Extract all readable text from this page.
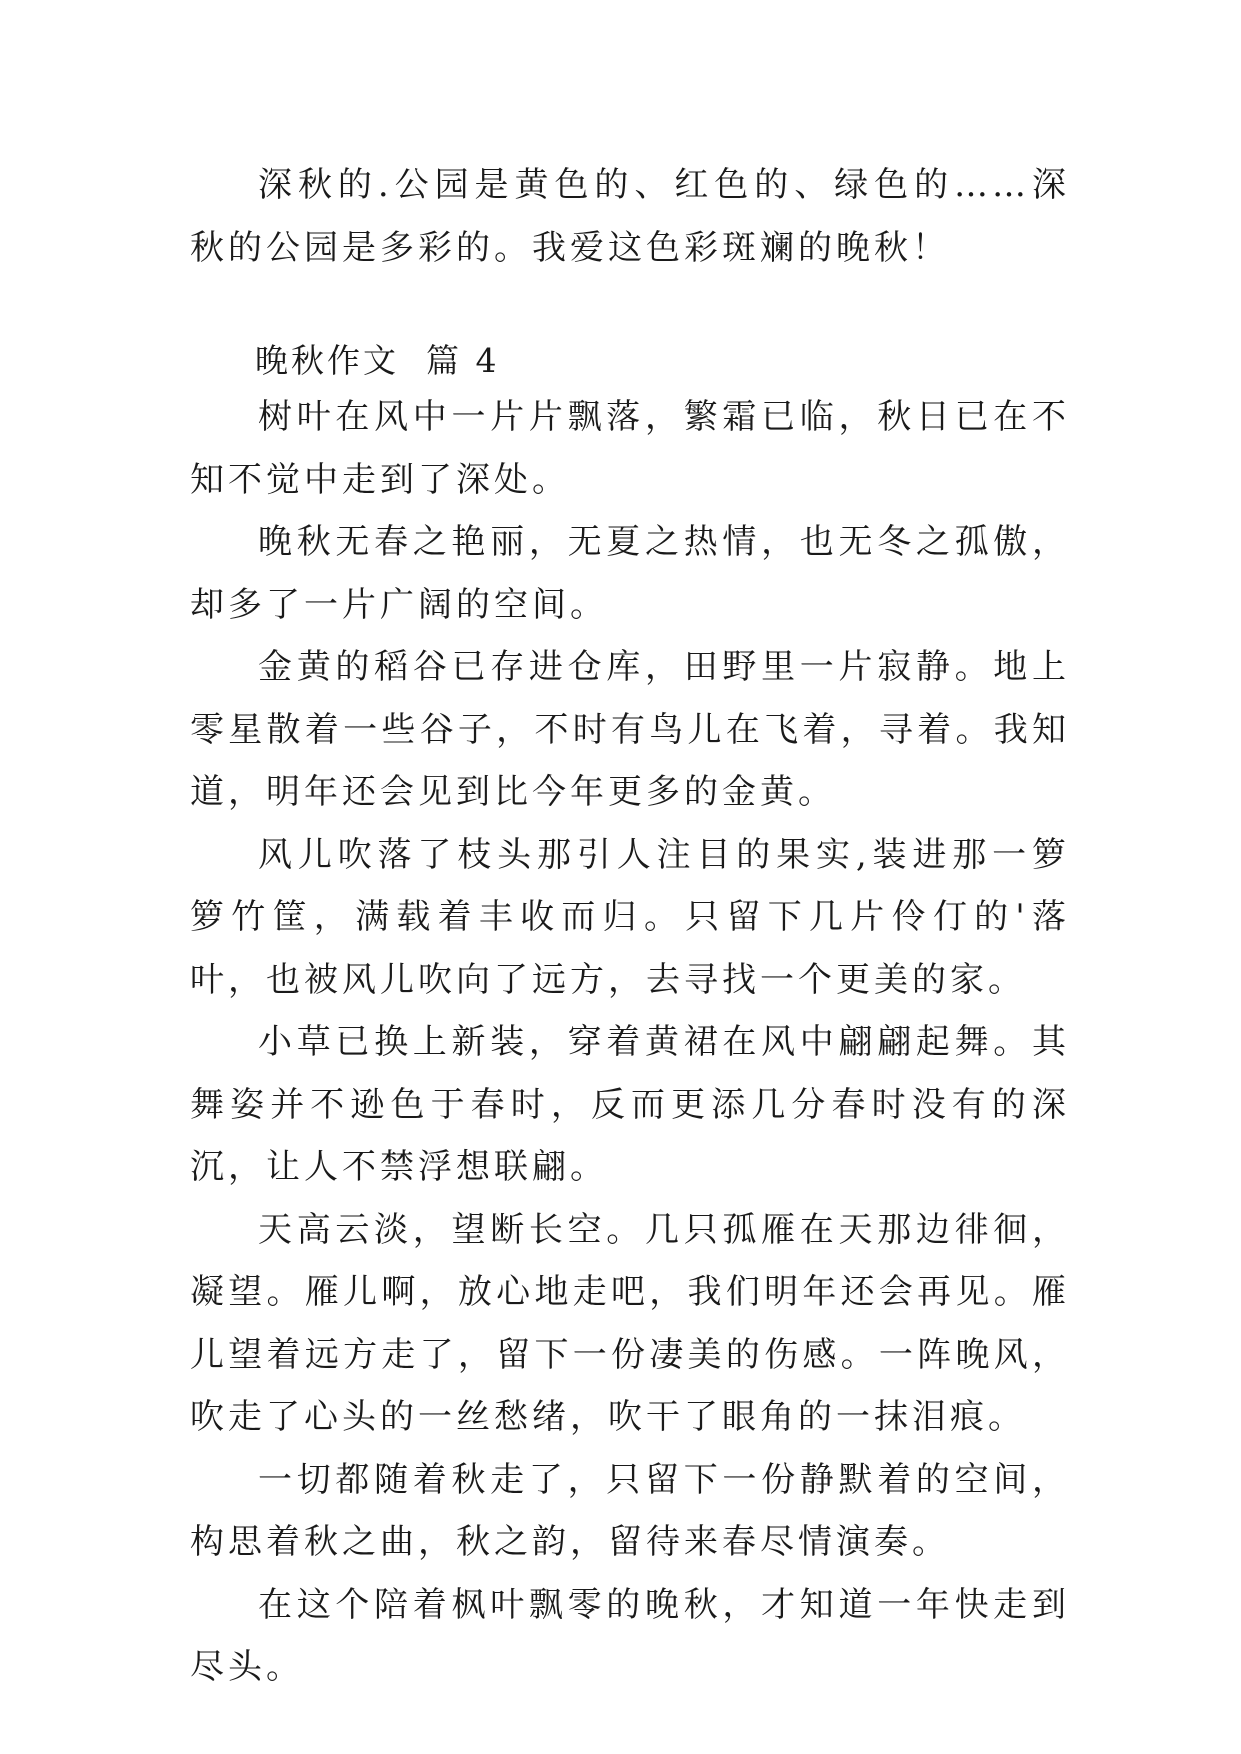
深秋的.公园是黄色的、红色的、绿色的……深秋的公园是多彩的。我爱这色彩斑斓的晚秋！

晚秋作文  篇 4

树叶在风中一片片飘落，繁霜已临，秋日已在不知不觉中走到了深处。

晚秋无春之艳丽，无夏之热情，也无冬之孤傲，却多了一片广阔的空间。

金黄的稻谷已存进仓库，田野里一片寂静。地上零星散着一些谷子，不时有鸟儿在飞着，寻着。我知道，明年还会见到比今年更多的金黄。

风儿吹落了枝头那引人注目的果实,装进那一箩箩竹筐，满载着丰收而归。只留下几片伶仃的'落叶，也被风儿吹向了远方，去寻找一个更美的家。

小草已换上新装，穿着黄裙在风中翩翩起舞。其舞姿并不逊色于春时，反而更添几分春时没有的深沉，让人不禁浮想联翩。

天高云淡，望断长空。几只孤雁在天那边徘徊，凝望。雁儿啊，放心地走吧，我们明年还会再见。雁儿望着远方走了，留下一份凄美的伤感。一阵晚风，吹走了心头的一丝愁绪，吹干了眼角的一抹泪痕。

一切都随着秋走了，只留下一份静默着的空间，构思着秋之曲，秋之韵，留待来春尽情演奏。

在这个陪着枫叶飘零的晚秋，才知道一年快走到尽头。
